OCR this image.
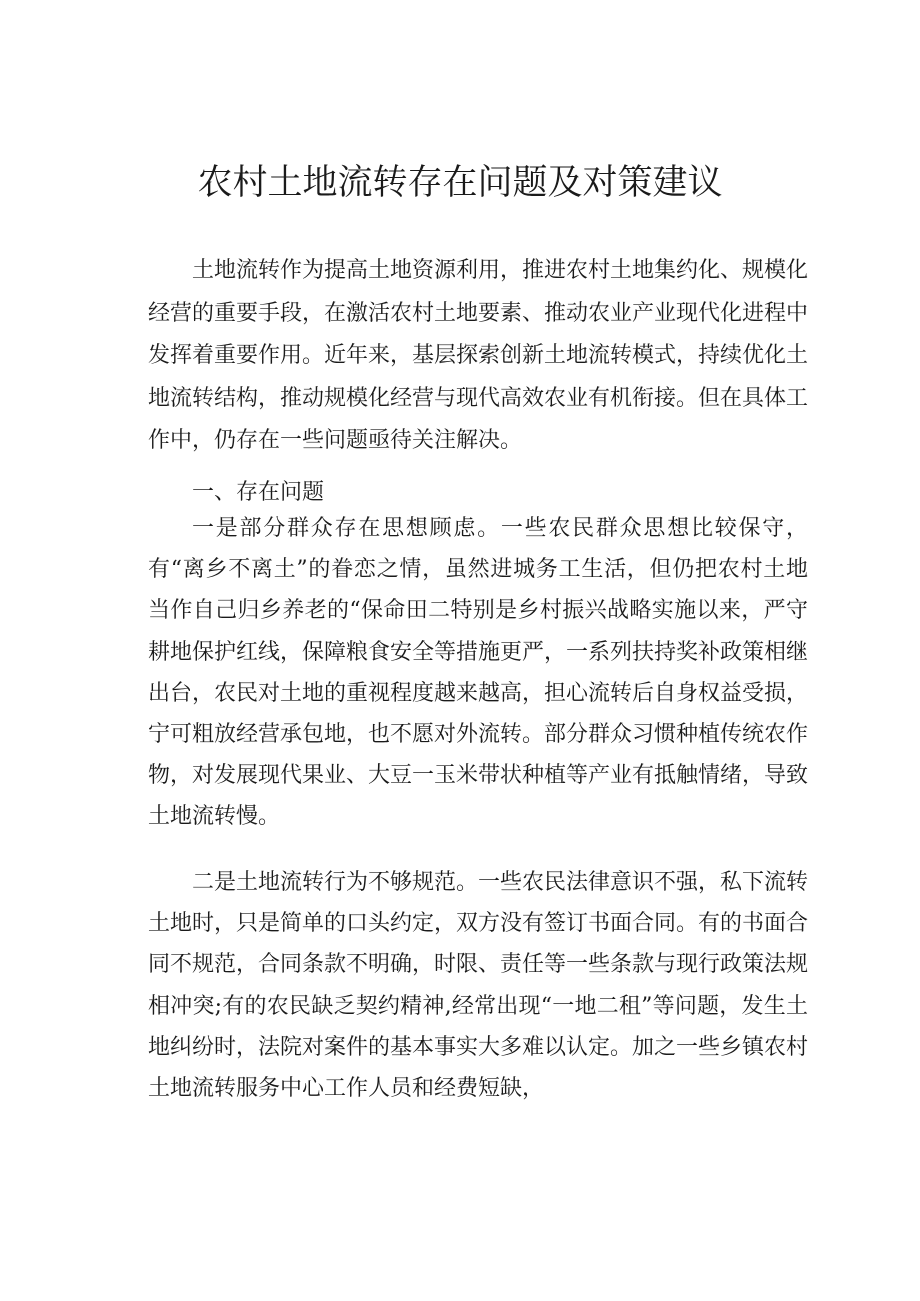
农村土地流转存在问题及对策建议

土地流转作为提高土地资源利用，推进农村土地集约化、规模化经营的重要手段，在激活农村土地要素、推动农业产业现代化进程中发挥着重要作用。近年来，基层探索创新土地流转模式，持续优化土地流转结构，推动规模化经营与现代高效农业有机衔接。但在具体工作中，仍存在一些问题亟待关注解决。

一、存在问题

一是部分群众存在思想顾虑。一些农民群众思想比较保守，有“离乡不离土”的眷恋之情，虽然进城务工生活，但仍把农村土地当作自己归乡养老的“保命田二特别是乡村振兴战略实施以来，严守耕地保护红线，保障粮食安全等措施更严，一系列扶持奖补政策相继出台，农民对土地的重视程度越来越高，担心流转后自身权益受损，宁可粗放经营承包地，也不愿对外流转。部分群众习惯种植传统农作物，对发展现代果业、大豆一玉米带状种植等产业有抵触情绪，导致土地流转慢。

二是土地流转行为不够规范。一些农民法律意识不强，私下流转土地时，只是简单的口头约定，双方没有签订书面合同。有的书面合同不规范，合同条款不明确，时限、责任等一些条款与现行政策法规相冲突;有的农民缺乏契约精神,经常出现“一地二租”等问题，发生土地纠纷时，法院对案件的基本事实大多难以认定。加之一些乡镇农村土地流转服务中心工作人员和经费短缺，
